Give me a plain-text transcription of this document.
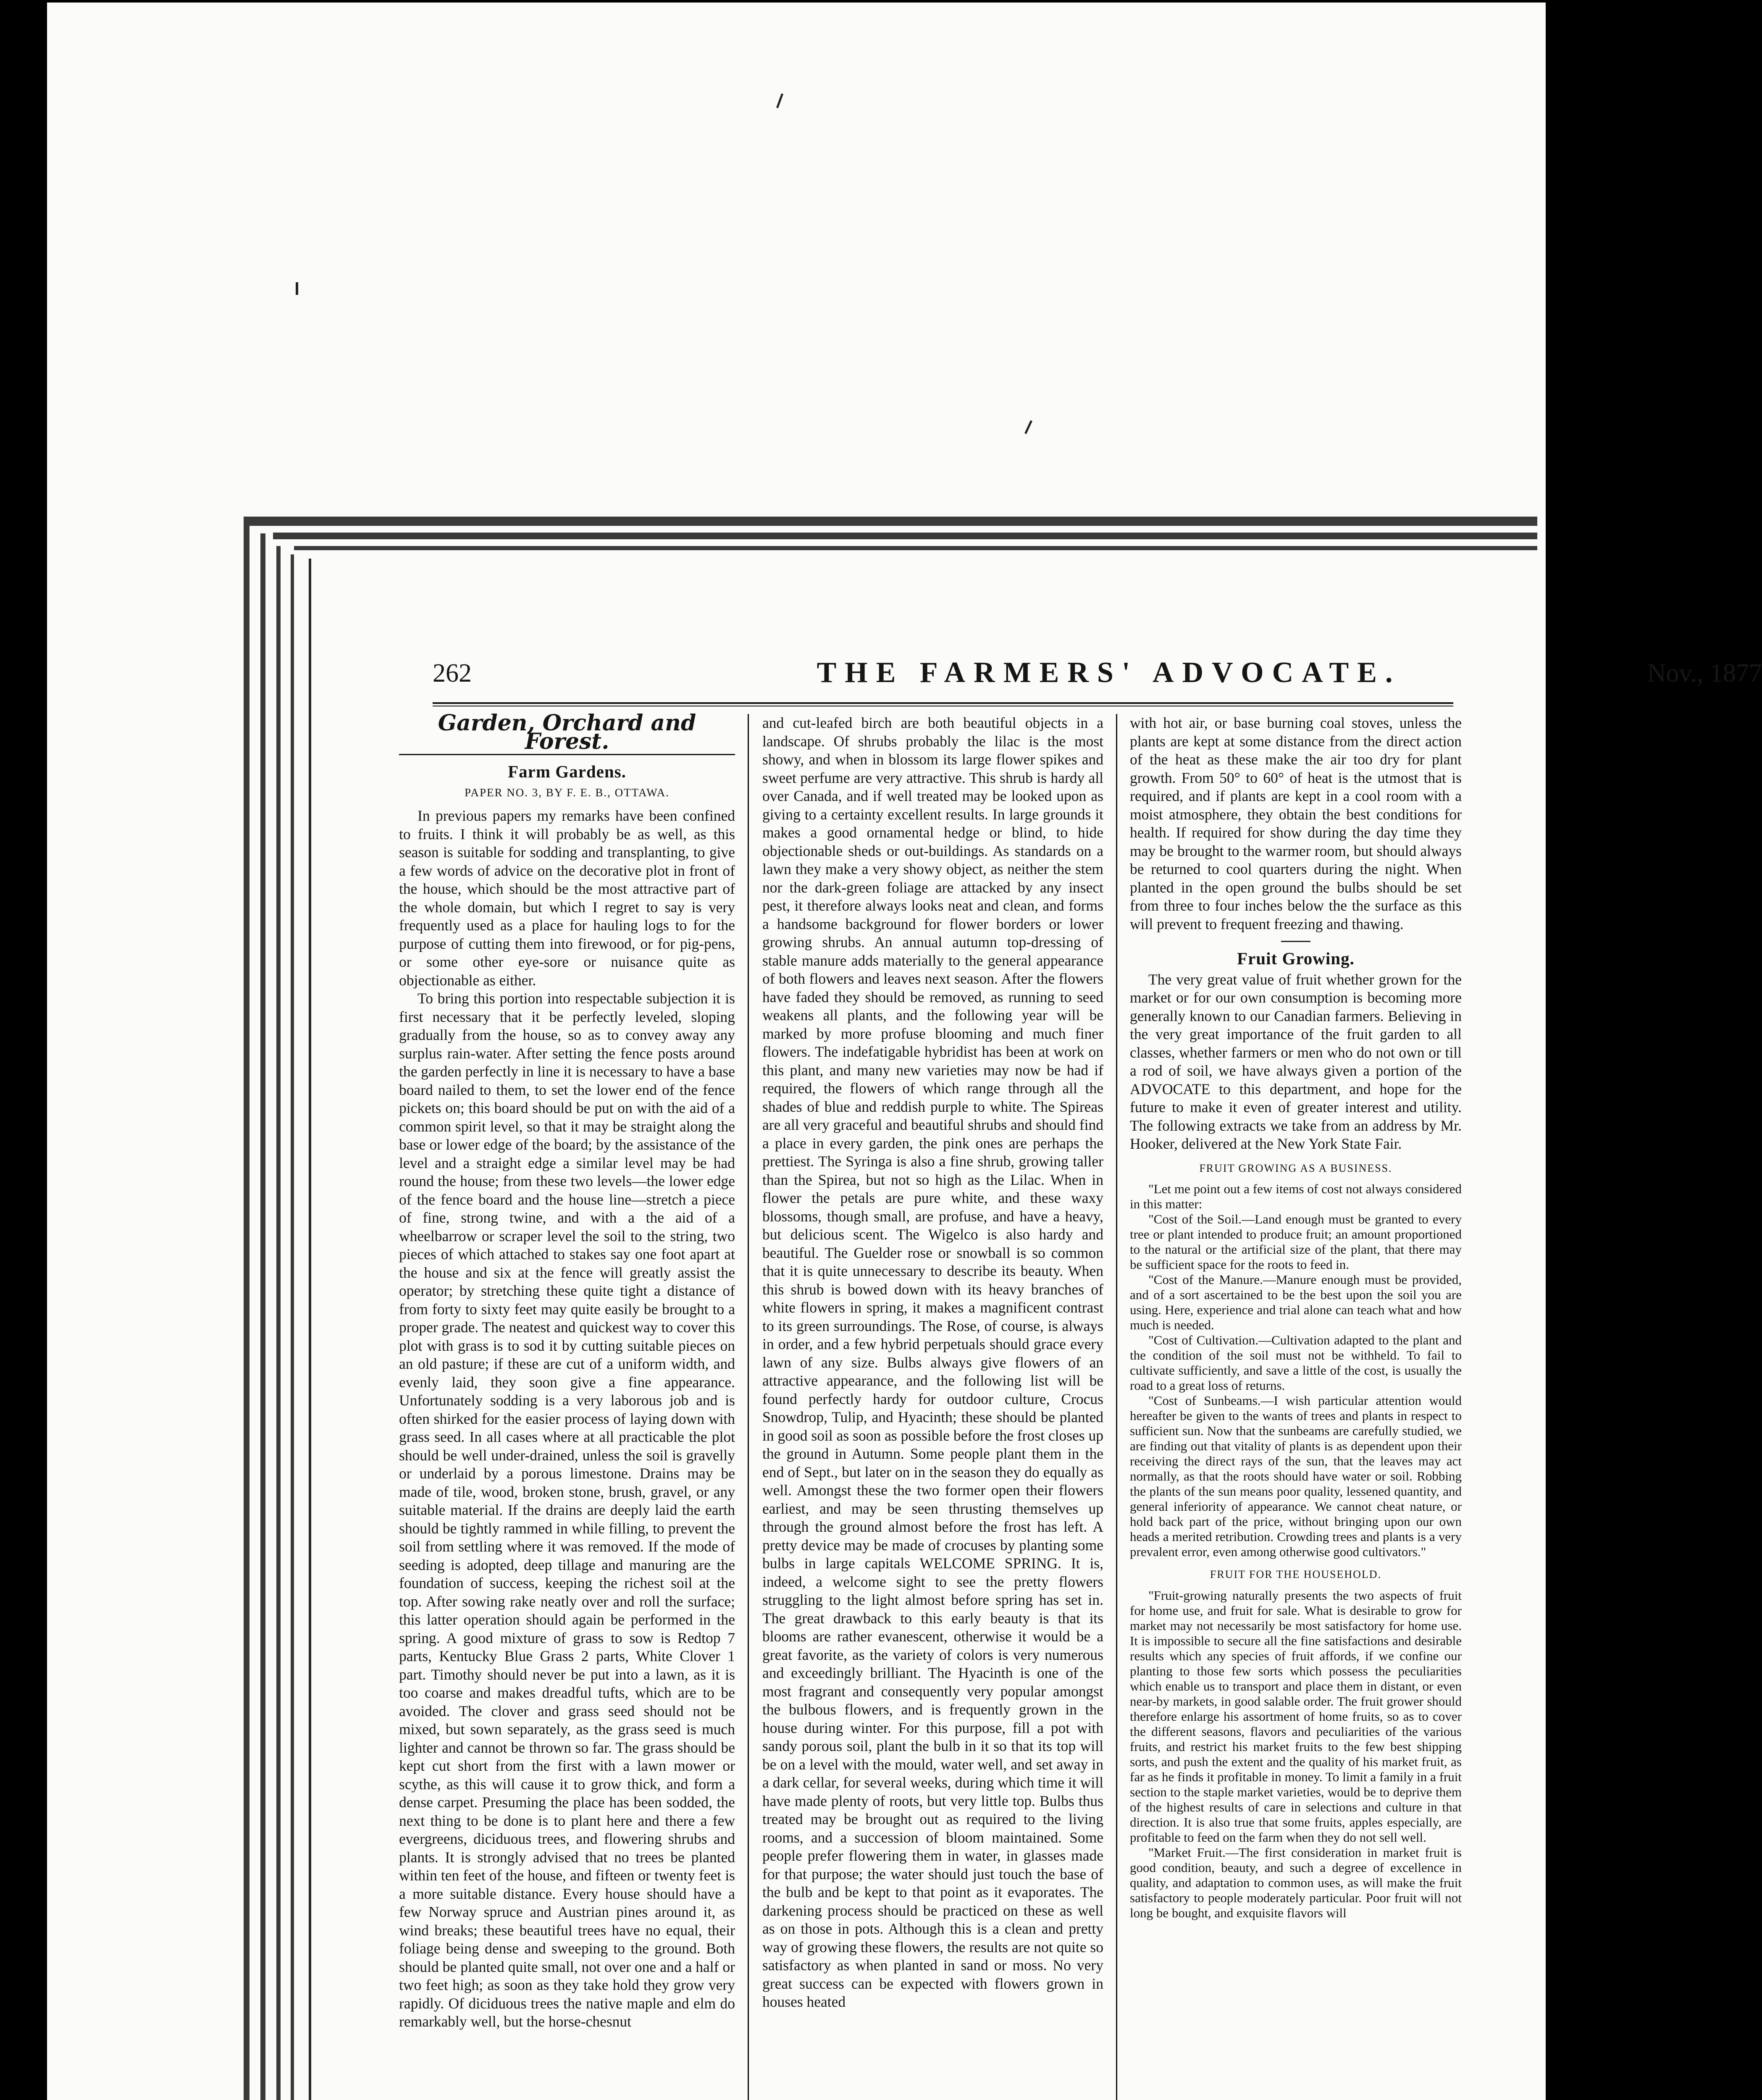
262	THE FARMERS' ADVOCATE.	Nov., 1877
Garden, Orchard and Forest.
Farm Gardens.
PAPER NO. 3, BY F. E. B., OTTAWA.

In previous papers my remarks have been confined to fruits. I think it will probably be as well, as this season is suitable for sodding and transplanting, to give a few words of advice on the decorative plot in front of the house, which should be the most attractive part of the whole domain, but which I regret to say is very frequently used as a place for hauling logs to for the purpose of cutting them into firewood, or for pig-pens, or some other eye-sore or nuisance quite as objectionable as either.

To bring this portion into respectable subjection it is first necessary that it be perfectly leveled, sloping gradually from the house, so as to convey away any surplus rain-water. After setting the fence posts around the garden perfectly in line it is necessary to have a base board nailed to them, to set the lower end of the fence pickets on; this board should be put on with the aid of a common spirit level, so that it may be straight along the base or lower edge of the board; by the assistance of the level and a straight edge a similar level may be had round the house; from these two levels—the lower edge of the fence board and the house line—stretch a piece of fine, strong twine, and with a the aid of a wheelbarrow or scraper level the soil to the string, two pieces of which attached to stakes say one foot apart at the house and six at the fence will greatly assist the operator; by stretching these quite tight a distance of from forty to sixty feet may quite easily be brought to a proper grade. The neatest and quickest way to cover this plot with grass is to sod it by cutting suitable pieces on an old pasture; if these are cut of a uniform width, and evenly laid, they soon give a fine appearance. Unfortunately sodding is a very laborous job and is often shirked for the easier process of laying down with grass seed. In all cases where at all practicable the plot should be well under-drained, unless the soil is gravelly or underlaid by a porous limestone. Drains may be made of tile, wood, broken stone, brush, gravel, or any suitable material. If the drains are deeply laid the earth should be tightly rammed in while filling, to prevent the soil from settling where it was removed. If the mode of seeding is adopted, deep tillage and manuring are the foundation of success, keeping the richest soil at the top. After sowing rake neatly over and roll the surface; this latter operation should again be performed in the spring. A good mixture of grass to sow is Redtop 7 parts, Kentucky Blue Grass 2 parts, White Clover 1 part. Timothy should never be put into a lawn, as it is too coarse and makes dreadful tufts, which are to be avoided. The clover and grass seed should not be mixed, but sown separately, as the grass seed is much lighter and cannot be thrown so far. The grass should be kept cut short from the first with a lawn mower or scythe, as this will cause it to grow thick, and form a dense carpet. Presuming the place has been sodded, the next thing to be done is to plant here and there a few evergreens, diciduous trees, and flowering shrubs and plants. It is strongly advised that no trees be planted within ten feet of the house, and fifteen or twenty feet is a more suitable distance. Every house should have a few Norway spruce and Austrian pines around it, as wind breaks; these beautiful trees have no equal, their foliage being dense and sweeping to the ground. Both should be planted quite small, not over one and a half or two feet high; as soon as they take hold they grow very rapidly. Of diciduous trees the native maple and elm do remarkably well, but the horse-chesnut

and cut-leafed birch are both beautiful objects in a landscape. Of shrubs probably the lilac is the most showy, and when in blossom its large flower spikes and sweet perfume are very attractive. This shrub is hardy all over Canada, and if well treated may be looked upon as giving to a certainty excellent results. In large grounds it makes a good ornamental hedge or blind, to hide objectionable sheds or out-buildings. As standards on a lawn they make a very showy object, as neither the stem nor the dark-green foliage are attacked by any insect pest, it therefore always looks neat and clean, and forms a handsome background for flower borders or lower growing shrubs. An annual autumn top-dressing of stable manure adds materially to the general appearance of both flowers and leaves next season. After the flowers have faded they should be removed, as running to seed weakens all plants, and the following year will be marked by more profuse blooming and much finer flowers. The indefatigable hybridist has been at work on this plant, and many new varieties may now be had if required, the flowers of which range through all the shades of blue and reddish purple to white. The Spireas are all very graceful and beautiful shrubs and should find a place in every garden, the pink ones are perhaps the prettiest. The Syringa is also a fine shrub, growing taller than the Spirea, but not so high as the Lilac. When in flower the petals are pure white, and these waxy blossoms, though small, are profuse, and have a heavy, but delicious scent. The Wigelco is also hardy and beautiful. The Guelder rose or snowball is so common that it is quite unnecessary to describe its beauty. When this shrub is bowed down with its heavy branches of white flowers in spring, it makes a magnificent contrast to its green surroundings. The Rose, of course, is always in order, and a few hybrid perpetuals should grace every lawn of any size. Bulbs always give flowers of an attractive appearance, and the following list will be found perfectly hardy for outdoor culture, Crocus Snowdrop, Tulip, and Hyacinth; these should be planted in good soil as soon as possible before the frost closes up the ground in Autumn. Some people plant them in the end of Sept., but later on in the season they do equally as well. Amongst these the two former open their flowers earliest, and may be seen thrusting themselves up through the ground almost before the frost has left. A pretty device may be made of crocuses by planting some bulbs in large capitals WELCOME SPRING. It is, indeed, a welcome sight to see the pretty flowers struggling to the light almost before spring has set in. The great drawback to this early beauty is that its blooms are rather evanescent, otherwise it would be a great favorite, as the variety of colors is very numerous and exceedingly brilliant. The Hyacinth is one of the most fragrant and consequently very popular amongst the bulbous flowers, and is frequently grown in the house during winter. For this purpose, fill a pot with sandy porous soil, plant the bulb in it so that its top will be on a level with the mould, water well, and set away in a dark cellar, for several weeks, during which time it will have made plenty of roots, but very little top. Bulbs thus treated may be brought out as required to the living rooms, and a succession of bloom maintained. Some people prefer flowering them in water, in glasses made for that purpose; the water should just touch the base of the bulb and be kept to that point as it evaporates. The darkening process should be practiced on these as well as on those in pots. Although this is a clean and pretty way of growing these flowers, the results are not quite so satisfactory as when planted in sand or moss. No very great success can be expected with flowers grown in houses heated

with hot air, or base burning coal stoves, unless the plants are kept at some distance from the direct action of the heat as these make the air too dry for plant growth. From 50° to 60° of heat is the utmost that is required, and if plants are kept in a cool room with a moist atmosphere, they obtain the best conditions for health. If required for show during the day time they may be brought to the warmer room, but should always be returned to cool quarters during the night. When planted in the open ground the bulbs should be set from three to four inches below the the surface as this will prevent to frequent freezing and thawing.

Fruit Growing.

The very great value of fruit whether grown for the market or for our own consumption is becoming more generally known to our Canadian farmers. Believing in the very great importance of the fruit garden to all classes, whether farmers or men who do not own or till a rod of soil, we have always given a portion of the ADVOCATE to this department, and hope for the future to make it even of greater interest and utility. The following extracts we take from an address by Mr. Hooker, delivered at the New York State Fair.

FRUIT GROWING AS A BUSINESS.

"Let me point out a few items of cost not always considered in this matter:

"Cost of the Soil.—Land enough must be granted to every tree or plant intended to produce fruit; an amount proportioned to the natural or the artificial size of the plant, that there may be sufficient space for the roots to feed in.

"Cost of the Manure.—Manure enough must be provided, and of a sort ascertained to be the best upon the soil you are using. Here, experience and trial alone can teach what and how much is needed.

"Cost of Cultivation.—Cultivation adapted to the plant and the condition of the soil must not be withheld. To fail to cultivate sufficiently, and save a little of the cost, is usually the road to a great loss of returns.

"Cost of Sunbeams.—I wish particular attention would hereafter be given to the wants of trees and plants in respect to sufficient sun. Now that the sunbeams are carefully studied, we are finding out that vitality of plants is as dependent upon their receiving the direct rays of the sun, that the leaves may act normally, as that the roots should have water or soil. Robbing the plants of the sun means poor quality, lessened quantity, and general inferiority of appearance. We cannot cheat nature, or hold back part of the price, without bringing upon our own heads a merited retribution. Crowding trees and plants is a very prevalent error, even among otherwise good cultivators."

FRUIT FOR THE HOUSEHOLD.

"Fruit-growing naturally presents the two aspects of fruit for home use, and fruit for sale. What is desirable to grow for market may not necessarily be most satisfactory for home use. It is impossible to secure all the fine satisfactions and desirable results which any species of fruit affords, if we confine our planting to those few sorts which possess the peculiarities which enable us to transport and place them in distant, or even near-by markets, in good salable order. The fruit grower should therefore enlarge his assortment of home fruits, so as to cover the different seasons, flavors and peculiarities of the various fruits, and restrict his market fruits to the few best shipping sorts, and push the extent and the quality of his market fruit, as far as he finds it profitable in money. To limit a family in a fruit section to the staple market varieties, would be to deprive them of the highest results of care in selections and culture in that direction. It is also true that some fruits, apples especially, are profitable to feed on the farm when they do not sell well.

"Market Fruit.—The first consideration in market fruit is good condition, beauty, and such a degree of excellence in quality, and adaptation to common uses, as will make the fruit satisfactory to people moderately particular. Poor fruit will not long be bought, and exquisite flavors will
